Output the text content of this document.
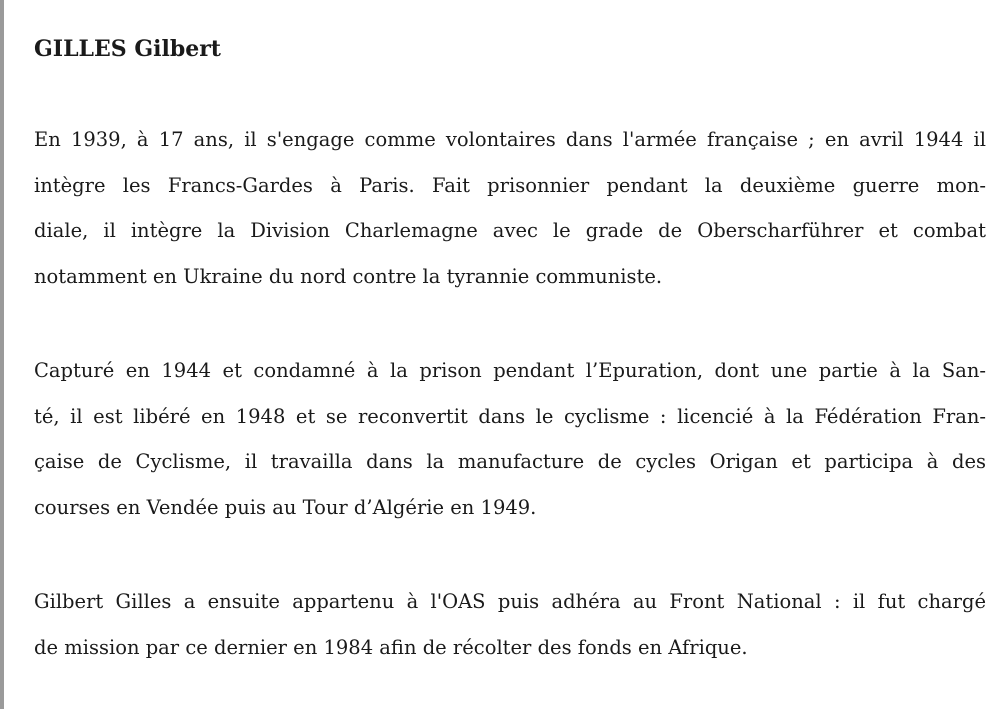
GILLES Gilbert

En 1939, à 17 ans, il s'engage comme volontaires dans l'armée française ; en avril 1944 il
intègre les Francs-Gardes à Paris. Fait prisonnier pendant la deuxième guerre mon-
diale, il intègre la Division Charlemagne avec le grade de Oberscharführer et combat
notamment en Ukraine du nord contre la tyrannie communiste.

Capturé en 1944 et condamné à la prison pendant l’Epuration, dont une partie à la San-
té, il est libéré en 1948 et se reconvertit dans le cyclisme : licencié à la Fédération Fran-
çaise de Cyclisme, il travailla dans la manufacture de cycles Origan et participa à des
courses en Vendée puis au Tour d’Algérie en 1949.

Gilbert Gilles a ensuite appartenu à l'OAS puis adhéra au Front National : il fut chargé
de mission par ce dernier en 1984 afin de récolter des fonds en Afrique.
